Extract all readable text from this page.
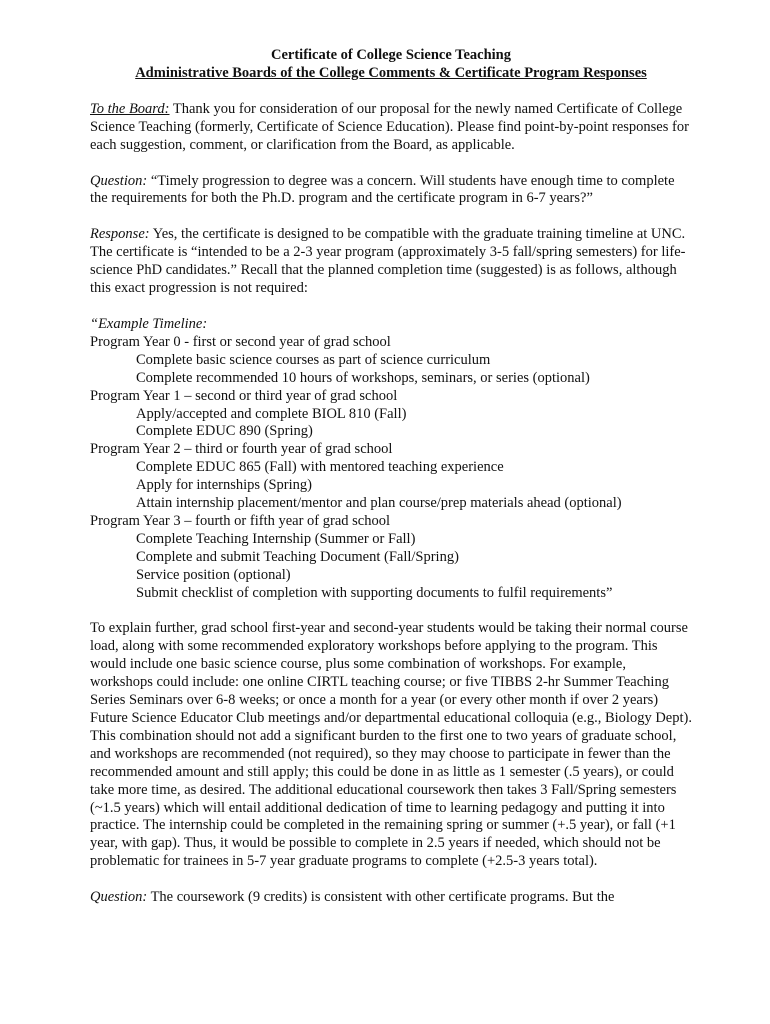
Certificate of College Science Teaching

Administrative Boards of the College Comments & Certificate Program Responses

To the Board: Thank you for consideration of our proposal for the newly named Certificate of College Science Teaching (formerly, Certificate of Science Education). Please find point-by-point responses for each suggestion, comment, or clarification from the Board, as applicable.

Question: “Timely progression to degree was a concern. Will students have enough time to complete the requirements for both the Ph.D. program and the certificate program in 6-7 years?”

Response: Yes, the certificate is designed to be compatible with the graduate training timeline at UNC. The certificate is “intended to be a 2-3 year program (approximately 3-5 fall/spring semesters) for life-science PhD candidates.” Recall that the planned completion time (suggested) is as follows, although this exact progression is not required:

“Example Timeline:

Program Year 0 - first or second year of grad school

Complete basic science courses as part of science curriculum

Complete recommended 10 hours of workshops, seminars, or series (optional)

Program Year 1 – second or third year of grad school

Apply/accepted and complete BIOL 810 (Fall)

Complete EDUC 890 (Spring)

Program Year 2 – third or fourth year of grad school

Complete EDUC 865 (Fall) with mentored teaching experience

Apply for internships (Spring)

Attain internship placement/mentor and plan course/prep materials ahead (optional)

Program Year 3 – fourth or fifth year of grad school

Complete Teaching Internship (Summer or Fall)

Complete and submit Teaching Document (Fall/Spring)

Service position (optional)

Submit checklist of completion with supporting documents to fulfil requirements”

To explain further, grad school first-year and second-year students would be taking their normal course load, along with some recommended exploratory workshops before applying to the program. This would include one basic science course, plus some combination of workshops. For example, workshops could include: one online CIRTL teaching course; or five TIBBS 2-hr Summer Teaching Series Seminars over 6-8 weeks; or once a month for a year (or every other month if over 2 years) Future Science Educator Club meetings and/or departmental educational colloquia (e.g., Biology Dept). This combination should not add a significant burden to the first one to two years of graduate school, and workshops are recommended (not required), so they may choose to participate in fewer than the recommended amount and still apply; this could be done in as little as 1 semester (.5 years), or could take more time, as desired. The additional educational coursework then takes 3 Fall/Spring semesters (~1.5 years) which will entail additional dedication of time to learning pedagogy and putting it into practice. The internship could be completed in the remaining spring or summer (+.5 year), or fall (+1 year, with gap). Thus, it would be possible to complete in 2.5 years if needed, which should not be problematic for trainees in 5-7 year graduate programs to complete (+2.5-3 years total).

Question: The coursework (9 credits) is consistent with other certificate programs. But the
